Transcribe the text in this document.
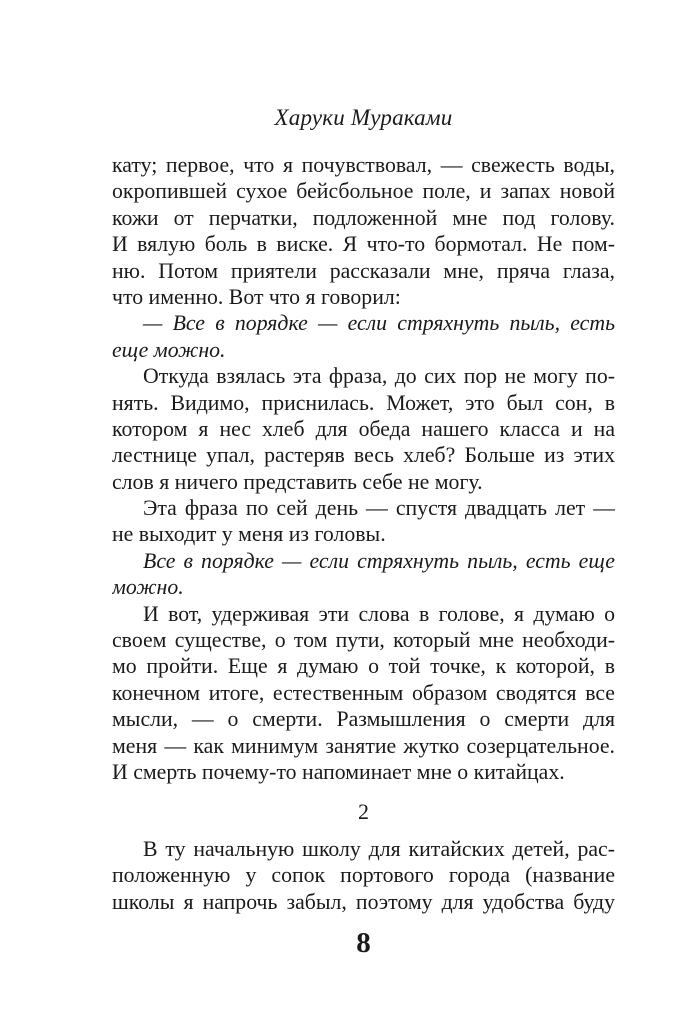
Харуки Мураками
кату; первое, что я почувствовал, — свежесть воды,
окропившей сухое бейсбольное поле, и запах новой
кожи от перчатки, подложенной мне под голову.
И вялую боль в виске. Я что-то бормотал. Не пом-
ню. Потом приятели рассказали мне, пряча глаза,
что именно. Вот что я говорил:
— Все в порядке — если стряхнуть пыль, есть
еще можно.
Откуда взялась эта фраза, до сих пор не могу по-
нять. Видимо, приснилась. Может, это был сон, в
котором я нес хлеб для обеда нашего класса и на
лестнице упал, растеряв весь хлеб? Больше из этих
слов я ничего представить себе не могу.
Эта фраза по сей день — спустя двадцать лет —
не выходит у меня из головы.
Все в порядке — если стряхнуть пыль, есть еще
можно.
И вот, удерживая эти слова в голове, я думаю о
своем существе, о том пути, который мне необходи-
мо пройти. Еще я думаю о той точке, к которой, в
конечном итоге, естественным образом сводятся все
мысли, — о смерти. Размышления о смерти для
меня — как минимум занятие жутко созерцательное.
И смерть почему-то напоминает мне о китайцах.
2
В ту начальную школу для китайских детей, рас-
положенную у сопок портового города (название
школы я напрочь забыл, поэтому для удобства буду
8
